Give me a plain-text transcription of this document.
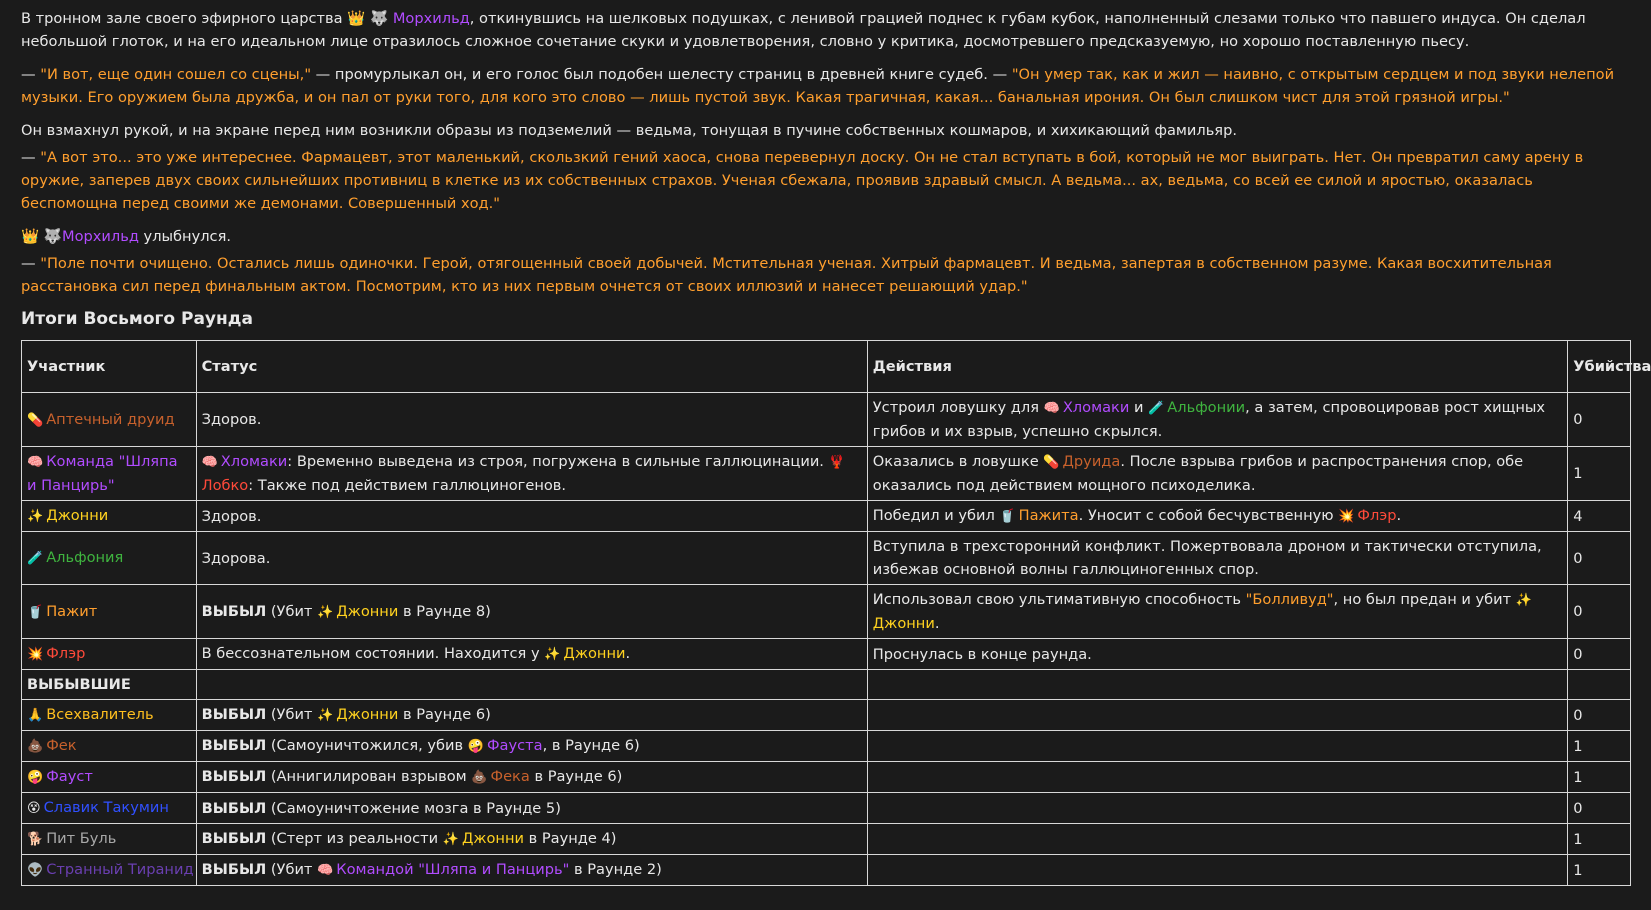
В тронном зале своего эфирного царства 👑 🐺 Морхильд, откинувшись на шелковых подушках, с ленивой грацией поднес к губам кубок, наполненный слезами только что павшего индуса. Он сделал небольшой глоток, и на его идеальном лице отразилось сложное сочетание скуки и удовлетворения, словно у критика, досмотревшего предсказуемую, но хорошо поставленную пьесу.

— "И вот, еще один сошел со сцены," — промурлыкал он, и его голос был подобен шелесту страниц в древней книге судеб. — "Он умер так, как и жил — наивно, с открытым сердцем и под звуки нелепой музыки. Его оружием была дружба, и он пал от руки того, для кого это слово — лишь пустой звук. Какая трагичная, какая... банальная ирония. Он был слишком чист для этой грязной игры."

Он взмахнул рукой, и на экране перед ним возникли образы из подземелий — ведьма, тонущая в пучине собственных кошмаров, и хихикающий фамильяр.

— "А вот это... это уже интереснее. Фармацевт, этот маленький, скользкий гений хаоса, снова перевернул доску. Он не стал вступать в бой, который не мог выиграть. Нет. Он превратил саму арену в оружие, заперев двух своих сильнейших противниц в клетке из их собственных страхов. Ученая сбежала, проявив здравый смысл. А ведьма... ах, ведьма, со всей ее силой и яростью, оказалась беспомощна перед своими же демонами. Совершенный ход."

👑 🐺Морхильд улыбнулся.

— "Поле почти очищено. Остались лишь одиночки. Герой, отягощенный своей добычей. Мстительная ученая. Хитрый фармацевт. И ведьма, запертая в собственном разуме. Какая восхитительная расстановка сил перед финальным актом. Посмотрим, кто из них первым очнется от своих иллюзий и нанесет решающий удар."

Итоги Восьмого Раунда
Участник	Статус	Действия	Убийства
💊 Аптечный друид	Здоров.	Устроил ловушку для 🧠 Хломаки и 🧪 Альфонии, а затем, спровоцировав рост хищных грибов и их взрыв, успешно скрылся.	0
🧠 Команда "Шляпа и Панцирь"	🧠 Хломаки: Временно выведена из строя, погружена в сильные галлюцинации. 🦞
Лобко: Также под действием галлюциногенов.	Оказались в ловушке 💊 Друида. После взрыва грибов и распространения спор, обе оказались под действием мощного психоделика.	1
✨ Джонни	Здоров.	Победил и убил 🥤 Пажита. Уносит с собой бесчувственную 💥 Флэр.	4
🧪 Альфония	Здорова.	Вступила в трехсторонний конфликт. Пожертвовала дроном и тактически отступила, избежав основной волны галлюциногенных спор.	0
🥤 Пажит	ВЫБЫЛ (Убит ✨ Джонни в Раунде 8)	Использовал свою ультимативную способность "Болливуд", но был предан и убит ✨Джонни.	0
💥 Флэр	В бессознательном состоянии. Находится у ✨ Джонни.	Проснулась в конце раунда.	0
ВЫБЫВШИЕ			
🙏 Всехвалитель	ВЫБЫЛ (Убит ✨ Джонни в Раунде 6)		0
💩 Фек	ВЫБЫЛ (Самоуничтожился, убив 🤪 Фауста, в Раунде 6)		1
🤪 Фауст	ВЫБЫЛ (Аннигилирован взрывом 💩 Фека в Раунде 6)		1
😵 Славик Такумин	ВЫБЫЛ (Самоуничтожение мозга в Раунде 5)		0
🐕 Пит Буль	ВЫБЫЛ (Стерт из реальности ✨ Джонни в Раунде 4)		1
👽 Странный Тиранид	ВЫБЫЛ (Убит 🧠 Командой "Шляпа и Панцирь" в Раунде 2)		1
